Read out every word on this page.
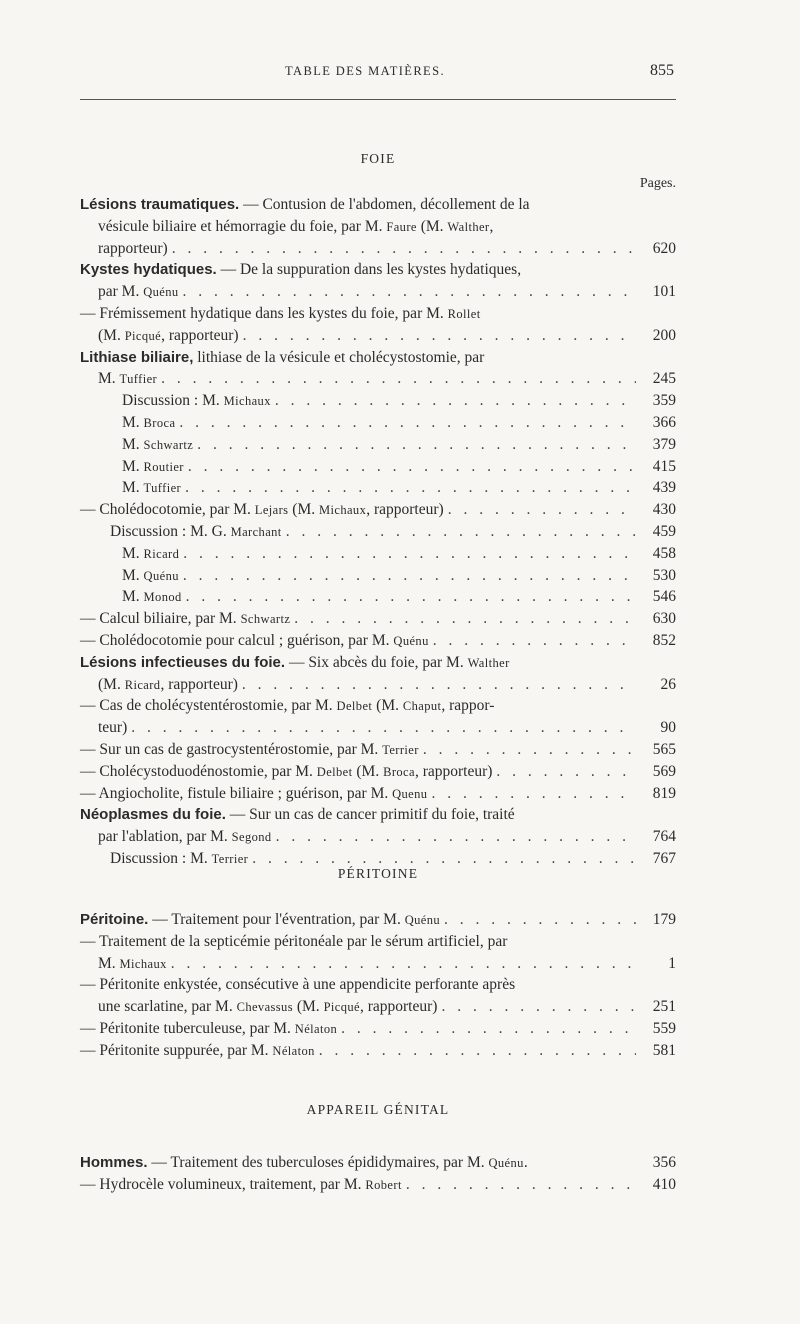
TABLE DES MATIÈRES.	855
FOIE
Pages.
Lésions traumatiques. — Contusion de l'abdomen, décollement de la
vésicule biliaire et hémorragie du foie, par M. Faure (M. Walther,
rapporteur) . . .	620
Kystes hydatiques. — De la suppuration dans les kystes hydatiques,
par M. Quénu . . .	101
— Frémissement hydatique dans les kystes du foie, par M. Rollet
(M. Picqué, rapporteur) . . .	200
Lithiase biliaire, lithiase de la vésicule et cholécystostomie, par
M. Tuffier . . .	245
Discussion : M. Michaux . . .	359
M. Broca . . .	366
M. Schwartz . . .	379
M. Routier . . .	415
M. Tuffier . . .	439
— Cholédocotomie, par M. Lejars (M. Michaux, rapporteur) . . .	430
Discussion : M. G. Marchant . . .	459
M. Ricard . . .	458
M. Quénu . . .	530
M. Monod . . .	546
— Calcul biliaire, par M. Schwartz . . .	630
— Cholédocotomie pour calcul ; guérison, par M. Quénu . . .	852
Lésions infectieuses du foie. — Six abcès du foie, par M. Walther
(M. Ricard, rapporteur) . . .	26
— Cas de cholécystentérostomie, par M. Delbet (M. Chaput, rappor-
teur) . . .	90
— Sur un cas de gastrocystentérostomie, par M. Terrier . . .	565
— Cholécystoduodénostomie, par M. Delbet (M. Broca, rapporteur) . . .	569
— Angiocholite, fistule biliaire ; guérison, par M. Quenu . . .	819
Néoplasmes du foie. — Sur un cas de cancer primitif du foie, traité
par l'ablation, par M. Segond . . .	764
Discussion : M. Terrier . . .	767
PÉRITOINE
Péritoine. — Traitement pour l'éventration, par M. Quénu . . .	179
— Traitement de la septicémie péritonéale par le sérum artificiel, par
M. Michaux . . .	1
— Péritonite enkystée, consécutive à une appendicite perforante après
une scarlatine, par M. Chevassus (M. Picqué, rapporteur) . . .	251
— Péritonite tuberculeuse, par M. Nélaton . . .	559
— Péritonite suppurée, par M. Nélaton . . .	581
APPAREIL GÉNITAL
Hommes. — Traitement des tuberculoses épididymaires, par M. Quénu.	356
— Hydrocèle volumineux, traitement, par M. Robert . . .	410
